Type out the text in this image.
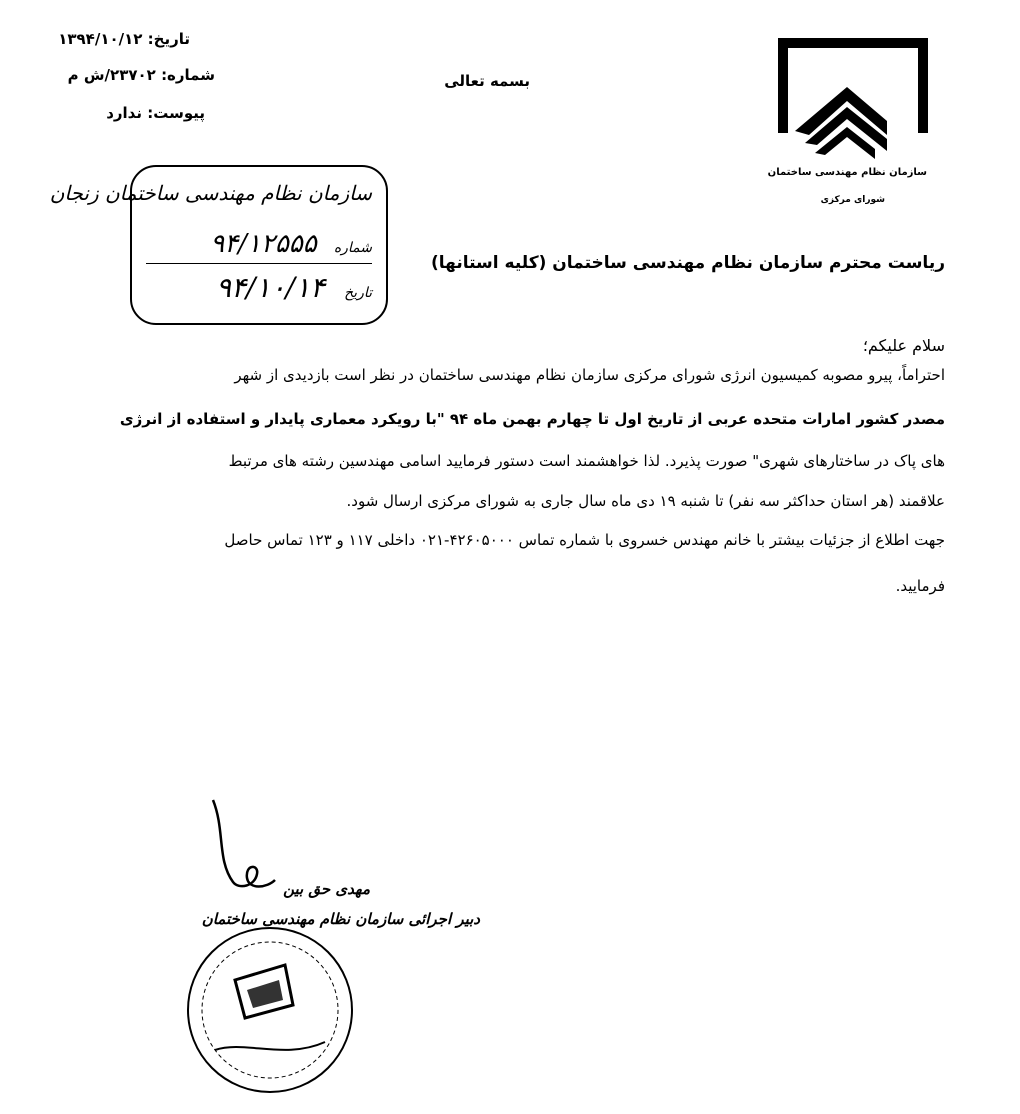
تاریخ: ۱۳۹۴/۱۰/۱۲
شماره: ۲۳۷۰۲/ش م
پیوست: ندارد
بسمه تعالی
سازمان نظام مهندسی ساختمان
شورای مرکزی
سازمان نظام مهندسی ساختمان زنجان
شماره ۹۴/۱۲۵۵۵
تاریخ ۹۴/۱۰/۱۴
ریاست محترم سازمان نظام مهندسی ساختمان (کلیه استانها)
سلام علیکم؛
احتراماً، پیرو مصوبه کمیسیون انرژی شورای مرکزی سازمان نظام مهندسی ساختمان در نظر است بازدیدی از شهر
مصدر کشور امارات متحده عربی از تاریخ اول تا چهارم بهمن ماه ۹۴ "با رویکرد معماری پایدار و استفاده از انرژی
های پاک در ساختارهای شهری" صورت پذیرد. لذا خواهشمند است دستور فرمایید اسامی مهندسین رشته های مرتبط
علاقمند (هر استان حداکثر سه نفر) تا شنبه ۱۹ دی ماه سال جاری به شورای مرکزی ارسال شود.
جهت اطلاع از جزئیات بیشتر با خانم مهندس خسروی با شماره تماس ۴۲۶۰۵۰۰۰-۰۲۱ داخلی ۱۱۷ و ۱۲۳ تماس حاصل
فرمایید.
مهدی حق بین
دبیر اجرائی سازمان نظام مهندسی ساختمان
